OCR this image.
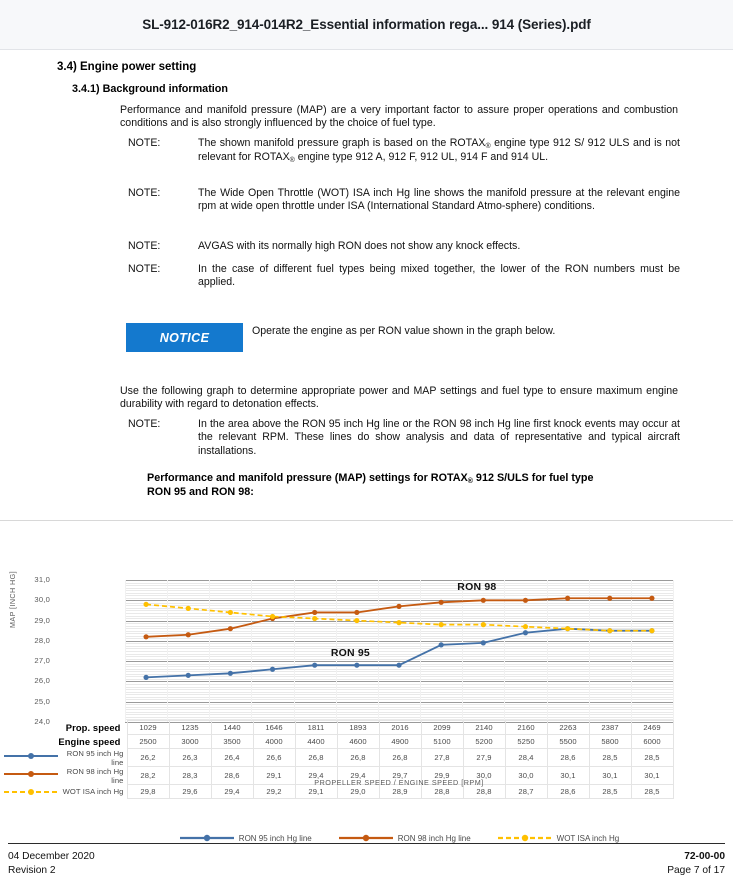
SL-912-016R2_914-014R2_Essential information rega... 914 (Series).pdf
3.4) Engine power setting
3.4.1) Background information
Performance and manifold pressure (MAP) are a very important factor to assure proper operations and combustion conditions and is also strongly influenced by the choice of fuel type.
NOTE:	The shown manifold pressure graph is based on the $ROTAX_®$ engine type 912 S/ 912 ULS and is not relevant for $ROTAX_®$ engine type 912 A, 912 F, 912 UL, 914 F and 914 UL.
NOTE:	The Wide Open Throttle (WOT) ISA inch Hg line shows the manifold pressure at the relevant engine rpm at wide open throttle under ISA (International Standard Atmo-sphere) conditions.
NOTE:	AVGAS with its normally high RON does not show any knock effects.
NOTE:	In the case of different fuel types being mixed together, the lower of the RON numbers must be applied.
NOTICE	Operate the engine as per RON value shown in the graph below.
Use the following graph to determine appropriate power and MAP settings and fuel type to ensure maximum engine durability with regard to detonation effects.
NOTE:	In the area above the RON 95 inch Hg line or the RON 98 inch Hg line first knock events may occur at the relevant RPM. These lines do show analysis and data of representative and typical aircraft installations.
Performance and manifold pressure (MAP) settings for $ROTAX_®$ 912 S/ULS for fuel type
RON 95 and RON 98:
MAP [INCH HG]	31,0
30,0
29,0
28,0
27,0
26,0
25,0
24,0
RON 98
RON 95
Prop. speed	1029	1235	1440	1646	1811	1893	2016	2099	2140	2160	2263	2387	2469
Engine speed	2500	3000	3500	4000	4400	4600	4900	5100	5200	5250	5500	5800	6000

RON 95 inch Hg line	26,2	26,3	26,4	26,6	26,8	26,8	26,8	27,8	27,9	28,4	28,6	28,5	28,5

RON 98 inch Hg line	28,2	28,3	28,6	29,1	29,4	29,4	29,7	29,9	30,0	30,0	30,1	30,1	30,1

WOT ISA inch Hg	29,8	29,6	29,4	29,2	29,1	29,0	28,9	28,8	28,8	28,7	28,6	28,5	28,5
PROPELLER SPEED / ENGINE SPEED [RPM]
RON 95 inch Hg line	RON 98 inch Hg line	WOT ISA inch Hg
04 December 2020
Revision 2
72-00-00
Page 7 of 17
